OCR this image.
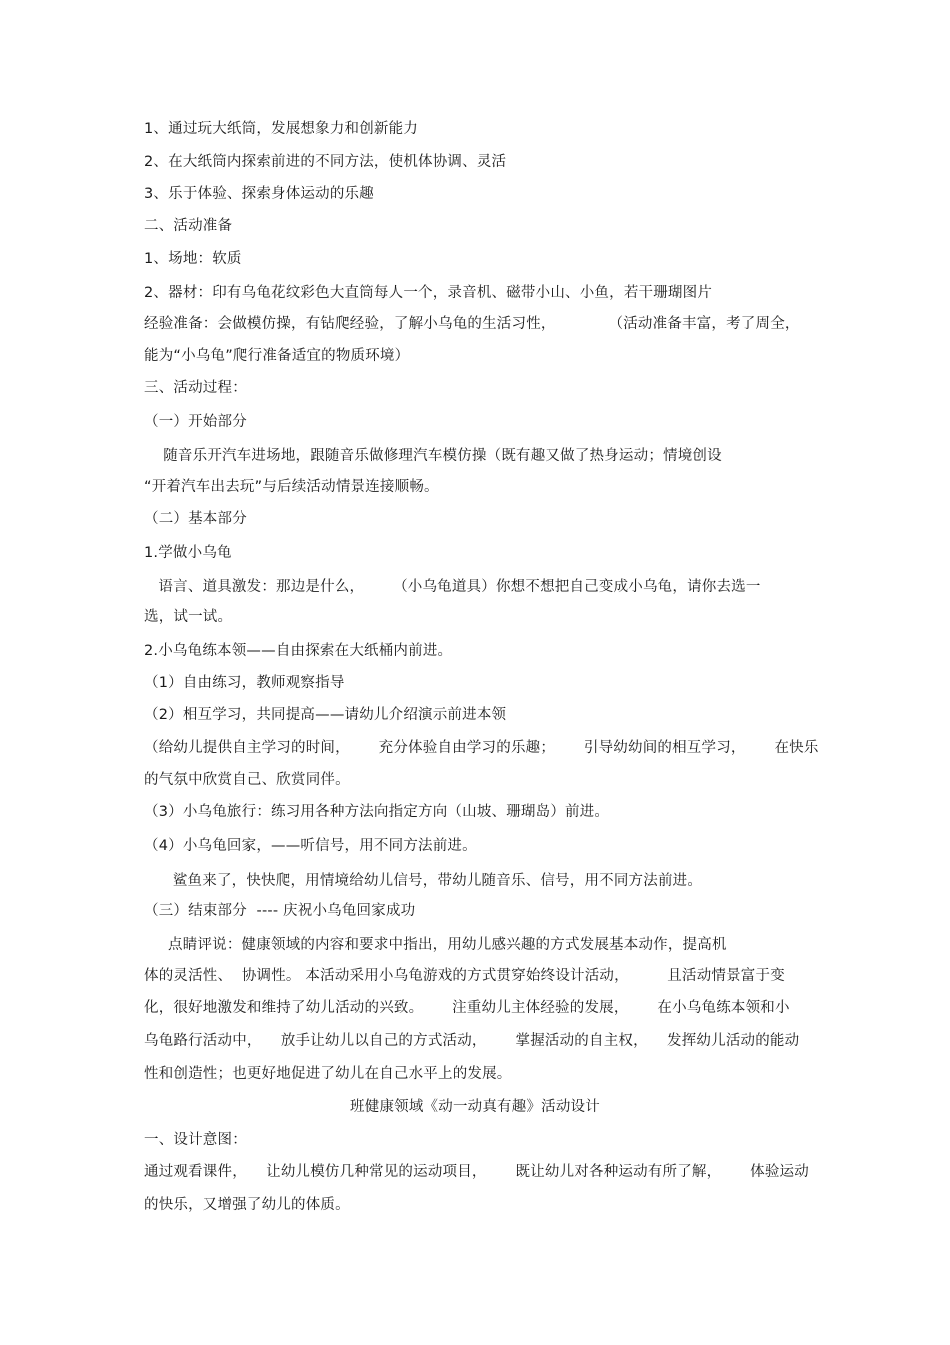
1、通过玩大纸筒，发展想象力和创新能力
2、在大纸筒内探索前进的不同方法，使机体协调、灵活
3、乐于体验、探索身体运动的乐趣
二、活动准备
1、场地：软质
2、器材：印有乌龟花纹彩色大直筒每人一个，录音机、磁带小山、小鱼，若干珊瑚图片
经验准备：会做模仿操，有钻爬经验，了解小乌龟的生活习性，           （活动准备丰富，考了周全，
能为“小乌龟”爬行准备适宜的物质环境）
三、活动过程：
（一）开始部分
随音乐开汽车进场地，跟随音乐做修理汽车模仿操（既有趣又做了热身运动；情境创设
“开着汽车出去玩”与后续活动情景连接顺畅。
（二）基本部分
1.学做小乌龟
语言、道具激发：那边是什么，      （小乌龟道具）你想不想把自己变成小乌龟，请你去选一
选，试一试。
2.小乌龟练本领——自由探索在大纸桶内前进。
（1）自由练习，教师观察指导
（2）相互学习，共同提高——请幼儿介绍演示前进本领
（给幼儿提供自主学习的时间，      充分体验自由学习的乐趣；      引导幼幼间的相互学习，      在快乐
的气氛中欣赏自己、欣赏同伴。
（3）小乌龟旅行：练习用各种方法向指定方向（山坡、珊瑚岛）前进。
（4）小乌龟回家，——听信号，用不同方法前进。
鲨鱼来了，快快爬，用情境给幼儿信号，带幼儿随音乐、信号，用不同方法前进。
（三）结束部分  ---- 庆祝小乌龟回家成功
点睛评说：健康领域的内容和要求中指出，用幼儿感兴趣的方式发展基本动作，提高机
体的灵活性、  协调性。 本活动采用小乌龟游戏的方式贯穿始终设计活动，        且活动情景富于变
化，很好地激发和维持了幼儿活动的兴致。      注重幼儿主体经验的发展，      在小乌龟练本领和小
乌龟路行活动中，    放手让幼儿以自己的方式活动，      掌握活动的自主权，    发挥幼儿活动的能动
性和创造性；也更好地促进了幼儿在自己水平上的发展。
班健康领域《动一动真有趣》活动设计
一、设计意图：
通过观看课件，    让幼儿模仿几种常见的运动项目，      既让幼儿对各种运动有所了解，      体验运动
的快乐，又增强了幼儿的体质。
